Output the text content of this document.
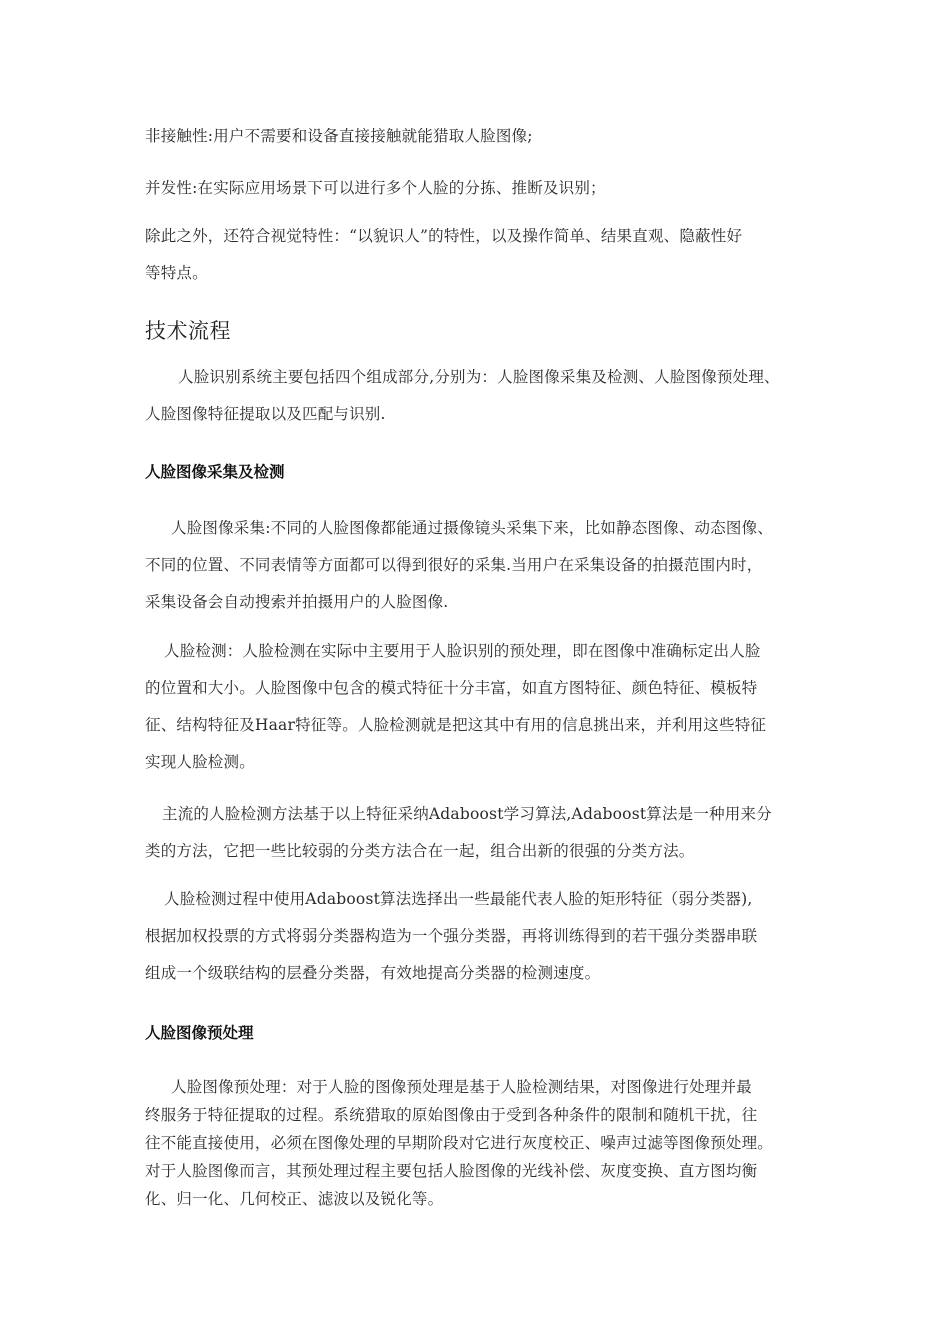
非接触性:用户不需要和设备直接接触就能猎取人脸图像;

并发性:在实际应用场景下可以进行多个人脸的分拣、推断及识别；

除此之外，还符合视觉特性：“以貌识人”的特性，以及操作简单、结果直观、隐蔽性好
等特点。

技术流程

人脸识别系统主要包括四个组成部分,分别为：人脸图像采集及检测、人脸图像预处理、
人脸图像特征提取以及匹配与识别.

人脸图像采集及检测

人脸图像采集:不同的人脸图像都能通过摄像镜头采集下来，比如静态图像、动态图像、
不同的位置、不同表情等方面都可以得到很好的采集.当用户在采集设备的拍摄范围内时，
采集设备会自动搜索并拍摄用户的人脸图像.

人脸检测：人脸检测在实际中主要用于人脸识别的预处理，即在图像中准确标定出人脸
的位置和大小。人脸图像中包含的模式特征十分丰富，如直方图特征、颜色特征、模板特
征、结构特征及Haar特征等。人脸检测就是把这其中有用的信息挑出来，并利用这些特征
实现人脸检测。

主流的人脸检测方法基于以上特征采纳Adaboost学习算法,Adaboost算法是一种用来分
类的方法，它把一些比较弱的分类方法合在一起，组合出新的很强的分类方法。

人脸检测过程中使用Adaboost算法选择出一些最能代表人脸的矩形特征（弱分类器),
根据加权投票的方式将弱分类器构造为一个强分类器，再将训练得到的若干强分类器串联
组成一个级联结构的层叠分类器，有效地提高分类器的检测速度。

人脸图像预处理

人脸图像预处理：对于人脸的图像预处理是基于人脸检测结果，对图像进行处理并最
终服务于特征提取的过程。系统猎取的原始图像由于受到各种条件的限制和随机干扰，往
往不能直接使用，必须在图像处理的早期阶段对它进行灰度校正、噪声过滤等图像预处理。
对于人脸图像而言，其预处理过程主要包括人脸图像的光线补偿、灰度变换、直方图均衡
化、归一化、几何校正、滤波以及锐化等。
